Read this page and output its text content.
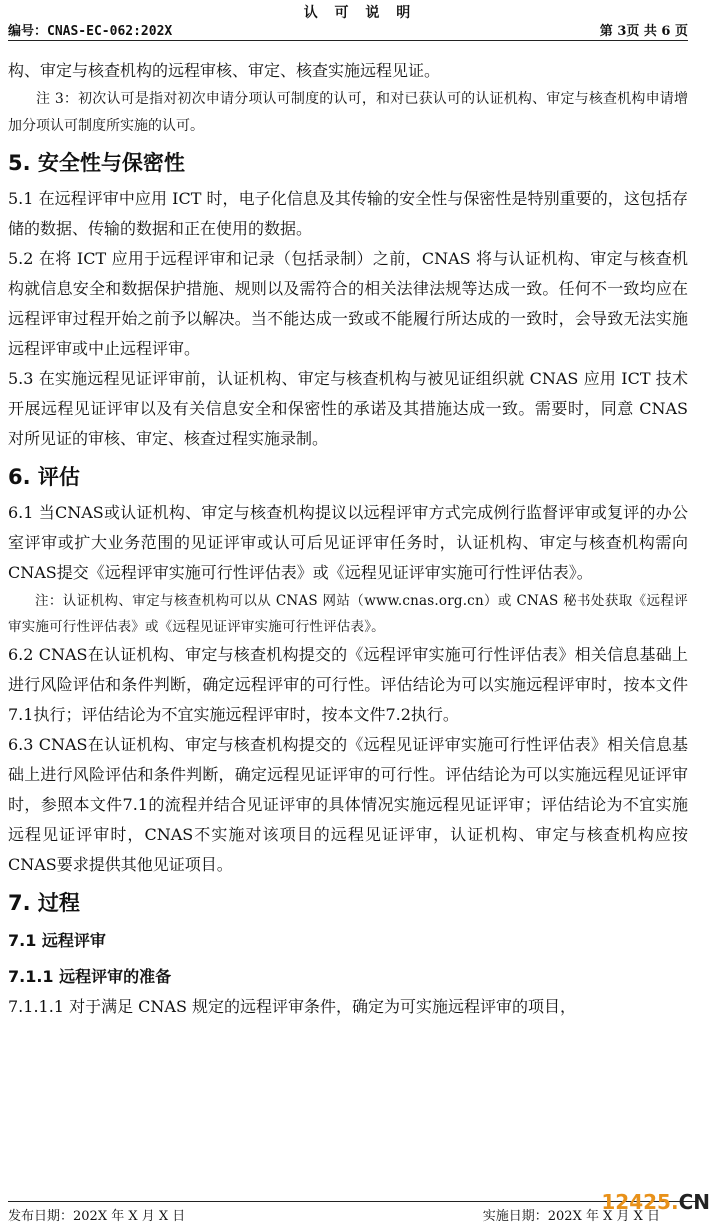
认 可 说 明
编号：CNAS-EC-062:202X	第 3页 共 6 页

构、审定与核查机构的远程审核、审定、核查实施远程见证。

注 3：初次认可是指对初次申请分项认可制度的认可，和对已获认可的认证机构、审定与核查机构申请增加分项认可制度所实施的认可。

5. 安全性与保密性

5.1 在远程评审中应用 ICT 时，电子化信息及其传输的安全性与保密性是特别重要的，这包括存储的数据、传输的数据和正在使用的数据。

5.2 在将 ICT 应用于远程评审和记录（包括录制）之前，CNAS 将与认证机构、审定与核查机构就信息安全和数据保护措施、规则以及需符合的相关法律法规等达成一致。任何不一致均应在远程评审过程开始之前予以解决。当不能达成一致或不能履行所达成的一致时，会导致无法实施远程评审或中止远程评审。

5.3 在实施远程见证评审前，认证机构、审定与核查机构与被见证组织就 CNAS 应用 ICT 技术开展远程见证评审以及有关信息安全和保密性的承诺及其措施达成一致。需要时，同意 CNAS 对所见证的审核、审定、核查过程实施录制。

6. 评估

6.1 当CNAS或认证机构、审定与核查机构提议以远程评审方式完成例行监督评审或复评的办公室评审或扩大业务范围的见证评审或认可后见证评审任务时，认证机构、审定与核查机构需向CNAS提交《远程评审实施可行性评估表》或《远程见证评审实施可行性评估表》。

注：认证机构、审定与核查机构可以从 CNAS 网站（www.cnas.org.cn）或 CNAS 秘书处获取《远程评审实施可行性评估表》或《远程见证评审实施可行性评估表》。

6.2 CNAS在认证机构、审定与核查机构提交的《远程评审实施可行性评估表》相关信息基础上进行风险评估和条件判断，确定远程评审的可行性。评估结论为可以实施远程评审时，按本文件7.1执行；评估结论为不宜实施远程评审时，按本文件7.2执行。

6.3 CNAS在认证机构、审定与核查机构提交的《远程见证评审实施可行性评估表》相关信息基础上进行风险评估和条件判断，确定远程见证评审的可行性。评估结论为可以实施远程见证评审时，参照本文件7.1的流程并结合见证评审的具体情况实施远程见证评审；评估结论为不宜实施远程见证评审时，CNAS不实施对该项目的远程见证评审，认证机构、审定与核查机构应按CNAS要求提供其他见证项目。

7. 过程
7.1 远程评审
7.1.1 远程评审的准备

7.1.1.1 对于满足 CNAS 规定的远程评审条件，确定为可实施远程评审的项目，

发布日期：202X 年 X 月 X 日	实施日期：202X 年 X 月 X 日
12425.CN
